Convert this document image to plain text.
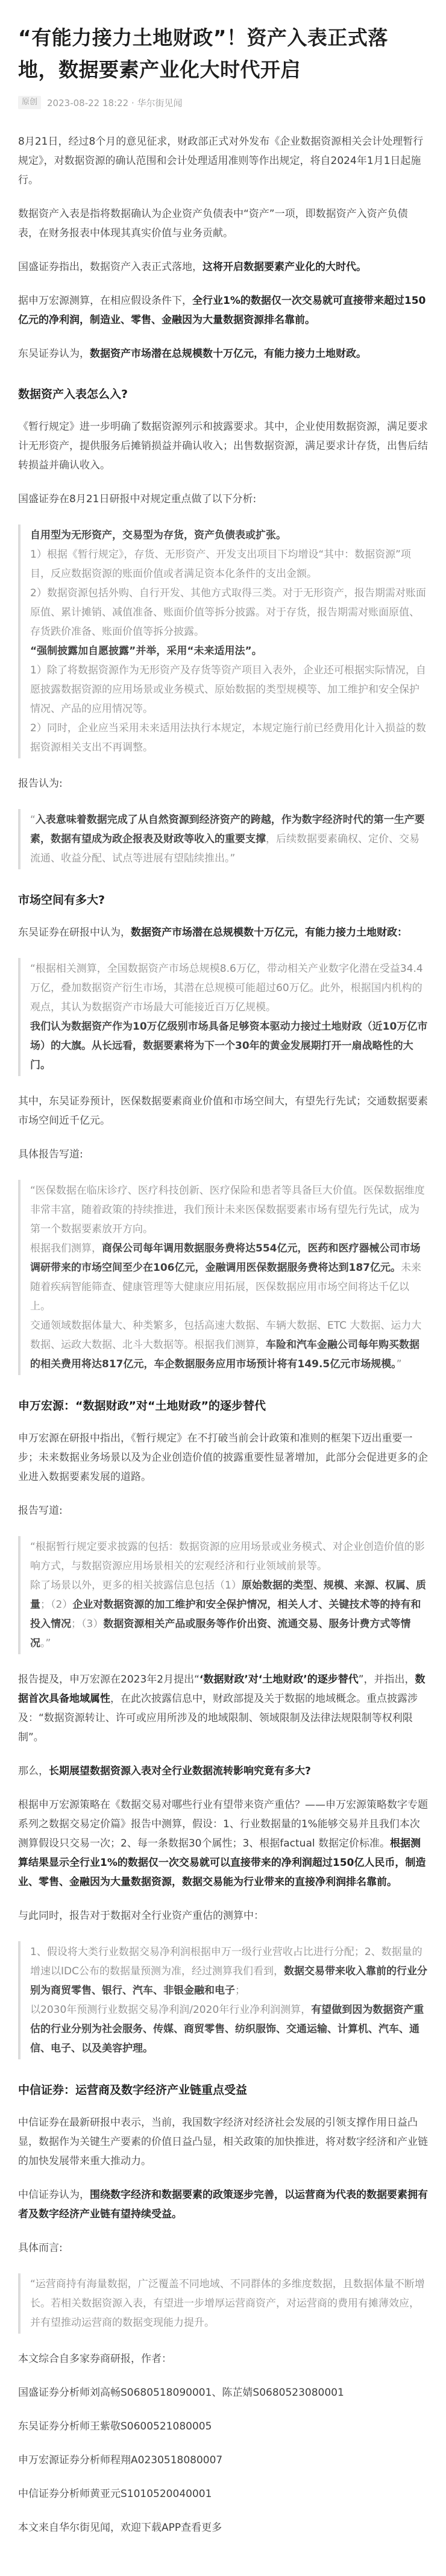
“有能力接力土地财政”！资产入表正式落地，数据要素产业化大时代开启
原创	2023-08-22 18:22 · 华尔街见闻

8月21日，经过8个月的意见征求，财政部正式对外发布《企业数据资源相关会计处理暂行规定》，对数据资源的确认范围和会计处理适用准则等作出规定，将自2024年1月1日起施行。

数据资产入表是指将数据确认为企业资产负债表中“资产”一项，即数据资产入资产负债表，在财务报表中体现其真实价值与业务贡献。

国盛证券指出，数据资产入表正式落地，这将开启数据要素产业化的大时代。

据申万宏源测算，在相应假设条件下，全行业1%的数据仅一次交易就可直接带来超过150亿元的净利润，制造业、零售、金融因为大量数据资源排名靠前。

东吴证券认为，数据资产市场潜在总规模数十万亿元，有能力接力土地财政。

数据资产入表怎么入?

《暂行规定》进一步明确了数据资源列示和披露要求。其中，企业使用数据资源，满足要求计无形资产，提供服务后摊销损益并确认收入；出售数据资源，满足要求计存货，出售后结转损益并确认收入。

国盛证券在8月21日研报中对规定重点做了以下分析:

自用型为无形资产，交易型为存货，资产负债表或扩张。

1）根据《暂行规定》，存货、无形资产、开发支出项目下均增设“其中：数据资源”项目，反应数据资源的账面价值或者满足资本化条件的支出金额。

2）数据资源包括外购、自行开发、其他方式取得三类。对于无形资产，报告期需对账面原值、累计摊销、减值准备、账面价值等拆分披露。对于存货，报告期需对账面原值、存货跌价准备、账面价值等拆分披露。

“强制披露加自愿披露”并举，采用“未来适用法”。

1）除了将数据资源作为无形资产及存货等资产项目入表外，企业还可根据实际情况，自愿披露数据资源的应用场景或业务模式、原始数据的类型规模等、加工维护和安全保护情况、产品的应用情况等。

2）同时，企业应当采用未来适用法执行本规定，本规定施行前已经费用化计入损益的数据资源相关支出不再调整。

报告认为:

“入表意味着数据完成了从自然资源到经济资产的跨越，作为数字经济时代的第一生产要素，数据有望成为政企报表及财政等收入的重要支撑，后续数据要素确权、定价、交易流通、收益分配、试点等进展有望陆续推出。”

市场空间有多大?

东吴证券在研报中认为，数据资产市场潜在总规模数十万亿元，有能力接力土地财政：

“根据相关测算，全国数据资产市场总规模8.6万亿，带动相关产业数字化潜在受益34.4万亿，叠加数据资产衍生市场，其潜在总规模可能超过60万亿。此外，根据国内机构的观点，其认为数据资产市场最大可能接近百万亿规模。

我们认为数据资产作为10万亿级别市场具备足够资本驱动力接过土地财政（近10万亿市场）的大旗。从长远看，数据要素将为下一个30年的黄金发展期打开一扇战略性的大门。

其中，东吴证券预计，医保数据要素商业价值和市场空间大，有望先行先试；交通数据要素市场空间近千亿元。

具体报告写道:

“医保数据在临床诊疗、医疗科技创新、医疗保险和患者等具备巨大价值。医保数据维度非常丰富，随着政策的持续推进，我们预计未来医保数据要素市场有望先行先试，成为第一个数据要素放开方向。

根据我们测算，商保公司每年调用数据服务费将达554亿元，医药和医疗器械公司市场调研带来的市场空间至少在106亿元，金融调用医保数据服务费将达到187亿元。未来随着疾病智能筛查、健康管理等大健康应用拓展，医保数据应用市场空间将达千亿以上。

交通领域数据体量大、种类繁多，包括高速大数据、车辆大数据、ETC 大数据、运力大数据、运政大数据、北斗大数据等。根据我们测算，车险和汽车金融公司每年购买数据的相关费用将达817亿元，车企数据服务应用市场预计将有149.5亿元市场规模。”

申万宏源：“数据财政”对“土地财政”的逐步替代

申万宏源在研报中指出，《暂行规定》在不打破当前会计政策和准则的框架下迈出重要一步；未来数据业务场景以及为企业创造价值的披露重要性显著增加，此部分会促进更多的企业进入数据要素发展的道路。

报告写道:

“根据暂行规定要求披露的包括：数据资源的应用场景或业务模式、对企业创造价值的影响方式，与数据资源应用场景相关的宏观经济和行业领域前景等。

除了场景以外，更多的相关披露信息包括（1）原始数据的类型、规模、来源、权属、质量；（2）企业对数据资源的加工维护和安全保护情况，相关人才、关键技术等的持有和投入情况；（3）数据资源相关产品或服务等作价出资、流通交易、服务计费方式等情况。”

报告提及，申万宏源在2023年2月提出“‘数据财政’对‘土地财政’的逐步替代”，并指出，数据首次具备地域属性，在此次披露信息中，财政部提及关于数据的地域概念。重点披露涉及：“数据资源转让、许可或应用所涉及的地域限制、领域限制及法律法规限制等权利限制”。

那么，长期展望数据资源入表对全行业数据流转影响究竟有多大?

根据申万宏源策略在《数据交易对哪些行业有望带来资产重估？——申万宏源策略数字专题系列之数据交易定价篇》报告中测算，假设：1、行业数据量的1%能够交易并且我们本次测算假设只交易一次；2、每一条数据30个属性；3、根据factual 数据定价标准。根据测算结果显示全行业1%的数据仅一次交易就可以直接带来的净利润超过150亿人民币，制造业、零售、金融因为大量数据资源，数据交易能为行业带来的直接净利润排名靠前。

与此同时，报告对于数据对全行业资产重估的测算中：

1、假设将大类行业数据交易净利润根据申万一级行业营收占比进行分配；2、数据量的增速以IDC公布的数据量预测为准，经过测算我们看到，数据交易带来收入靠前的行业分别为商贸零售、银行、汽车、非银金融和电子；

以2030年预测行业数据交易净利润/2020年行业净利润测算，有望做到因为数据资产重估的行业分别为社会服务、传媒、商贸零售、纺织服饰、交通运输、计算机、汽车、通信、电子、以及美容护理。

中信证券：运营商及数字经济产业链重点受益

中信证券在最新研报中表示，当前，我国数字经济对经济社会发展的引领支撑作用日益凸显，数据作为关键生产要素的价值日益凸显，相关政策的加快推进，将对数字经济和产业链的加快发展带来重大推动力。

中信证券认为，围绕数字经济和数据要素的政策逐步完善，以运营商为代表的数据要素拥有者及数字经济产业链有望持续受益。

具体而言:

“运营商持有海量数据，广泛覆盖不同地域、不同群体的多维度数据，且数据体量不断增长。若相关数据资源入表，有望进一步增厚运营商资产，对运营商的费用有摊薄效应，并有望推动运营商的数据变现能力提升。

本文综合自多家券商研报，作者：

国盛证券分析师刘高畅S0680518090001、陈芷婧S0680523080001

东吴证券分析师王紫敬S0600521080005

申万宏源证券分析师程翔A0230518080007

中信证券分析师黄亚元S1010520040001

本文来自华尔街见闻，欢迎下载APP查看更多
